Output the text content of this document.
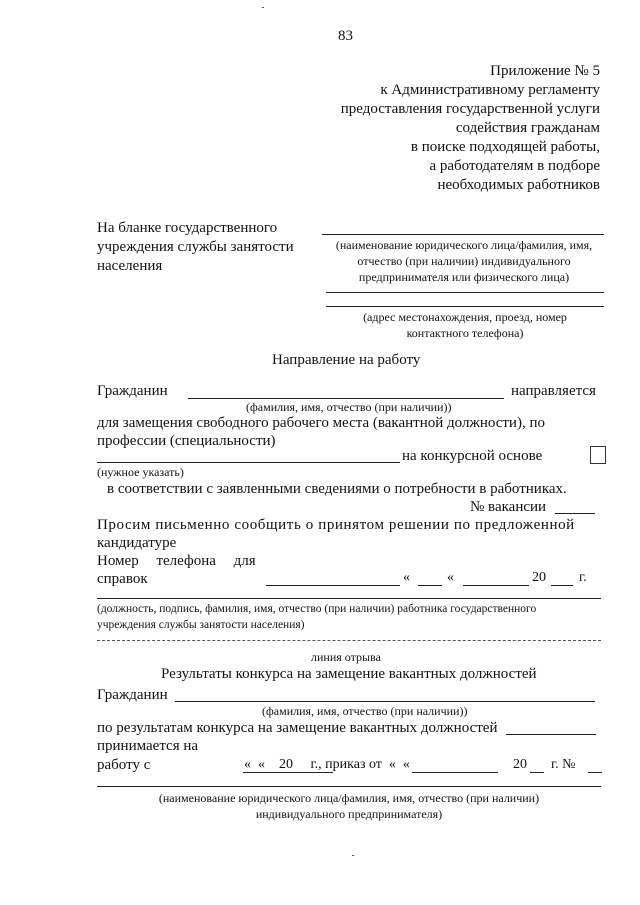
83
Приложение № 5
к Административному регламенту
предоставления государственной услуги
содействия гражданам
в поиске подходящей работы,
а работодателям в подборе
необходимых работников
На бланке государственного
учреждения службы занятости
населения
(наименование юридического лица/фамилия, имя,
отчество (при наличии) индивидуального
предпринимателя или физического лица)
(адрес местонахождения, проезд, номер
контактного телефона)
Направление на работу
Гражданин	направляется
(фамилия, имя, отчество (при наличии))
для замещения свободного рабочего места (вакантной должности), по
профессии (специальности)
на конкурсной основе
(нужное указать)
в соответствии с заявленными сведениями о потребности в работниках.
№ вакансии
Просим письменно сообщить о принятом решении по предложенной
кандидатуре
Номер телефона для
справок	«	«	20 г.
(должность, подпись, фамилия, имя, отчество (при наличии) работника государственного
учреждения службы занятости населения)
линия отрыва
Результаты конкурса на замещение вакантных должностей
Гражданин
(фамилия, имя, отчество (при наличии))
по результатам конкурса на замещение вакантных должностей
принимается на
работу с	«  «    20     г., приказ от  «  «	20 г. №
(наименование юридического лица/фамилия, имя, отчество (при наличии)
индивидуального предпринимателя)
